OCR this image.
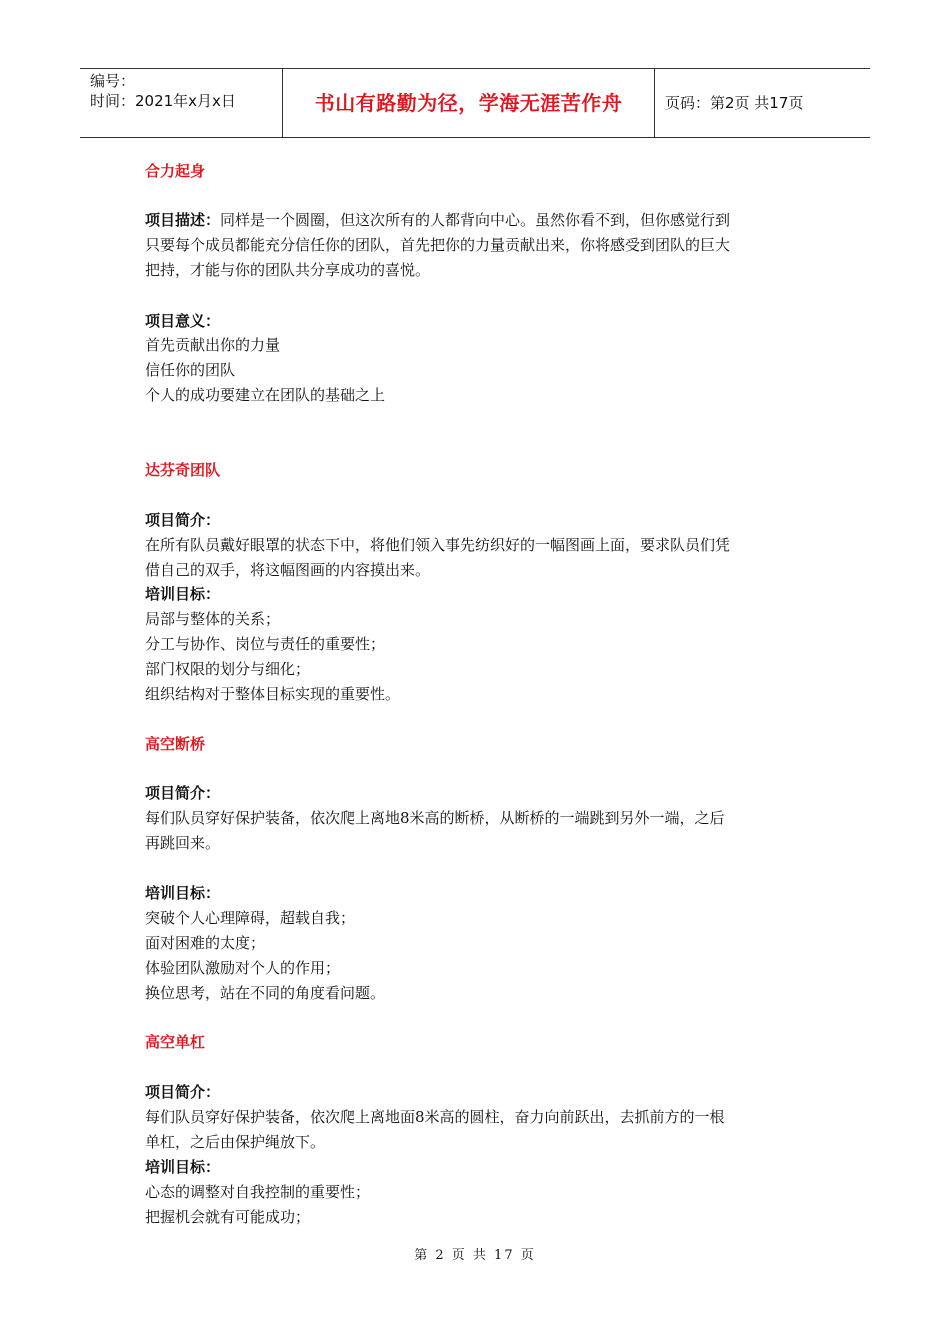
编号：
时间：2021年x月x日	书山有路勤为径，学海无涯苦作舟	页码：第2页 共17页
合力起身
项目描述：同样是一个圆圈，但这次所有的人都背向中心。虽然你看不到，但你感觉行到
只要每个成员都能充分信任你的团队，首先把你的力量贡献出来，你将感受到团队的巨大
把持，才能与你的团队共分享成功的喜悦。
项目意义：
首先贡献出你的力量
信任你的团队
个人的成功要建立在团队的基础之上
达芬奇团队
项目简介：
在所有队员戴好眼罩的状态下中，将他们领入事先纺织好的一幅图画上面，要求队员们凭
借自己的双手，将这幅图画的内容摸出来。
培训目标：
局部与整体的关系；
分工与协作、岗位与责任的重要性；
部门权限的划分与细化；
组织结构对于整体目标实现的重要性。
高空断桥
项目简介：
每们队员穿好保护装备，依次爬上离地8米高的断桥，从断桥的一端跳到另外一端，之后
再跳回来。
培训目标：
突破个人心理障碍，超载自我；
面对困难的太度；
体验团队激励对个人的作用；
换位思考，站在不同的角度看问题。
高空单杠
项目简介：
每们队员穿好保护装备，依次爬上离地面8米高的圆柱，奋力向前跃出，去抓前方的一根
单杠，之后由保护绳放下。
培训目标：
心态的调整对自我控制的重要性；
把握机会就有可能成功；
第 2 页 共 17 页
